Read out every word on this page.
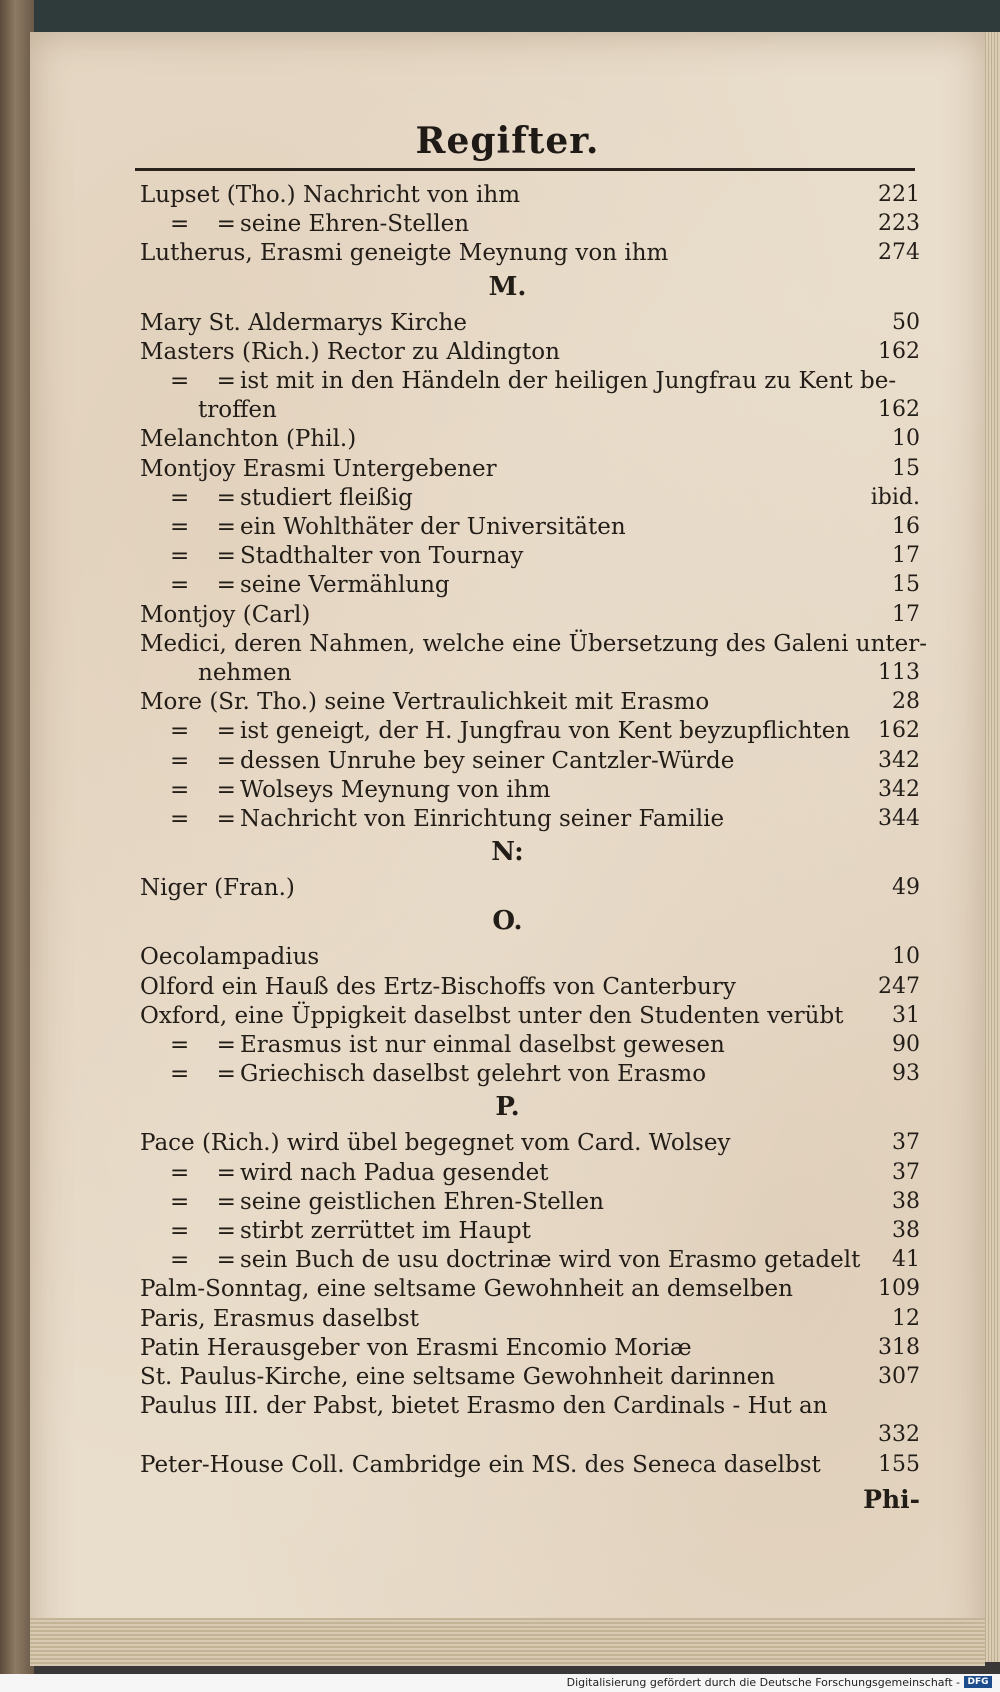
Regifter.
Lupset (Tho.) Nachricht von ihm	221
= =seine Ehren-Stellen	223
Lutherus, Erasmi geneigte Meynung von ihm	274
M.
Mary St. Aldermarys Kirche	50
Masters (Rich.) Rector zu Aldington	162
= =ist mit in den Händeln der heiligen Jungfrau zu Kent be-
troffen	162
Melanchton (Phil.)	10
Montjoy Erasmi Untergebener	15
= =studiert fleißig	ibid.
= =ein Wohlthäter der Universitäten	16
= =Stadthalter von Tournay	17
= =seine Vermählung	15
Montjoy (Carl)	17
Medici, deren Nahmen, welche eine Übersetzung des Galeni unter-
nehmen	113
More (Sr. Tho.) seine Vertraulichkeit mit Erasmo	28
= =ist geneigt, der H. Jungfrau von Kent beyzupflichten 162
= =dessen Unruhe bey seiner Cantzler-Würde	342
= =Wolseys Meynung von ihm	342
= =Nachricht von Einrichtung seiner Familie	344
N:
Niger (Fran.)	49
O.
Oecolampadius	10
Olford ein Hauß des Ertz-Bischoffs von Canterbury	247
Oxford, eine Üppigkeit daselbst unter den Studenten verübt 31
= =Erasmus ist nur einmal daselbst gewesen	90
= =Griechisch daselbst gelehrt von Erasmo	93
P.
Pace (Rich.) wird übel begegnet vom Card. Wolsey	37
= =wird nach Padua gesendet	37
= =seine geistlichen Ehren-Stellen	38
= =stirbt zerrüttet im Haupt	38
= =sein Buch de usu doctrinæ wird von Erasmo getadelt 41
Palm-Sonntag, eine seltsame Gewohnheit an demselben	109
Paris, Erasmus daselbst	12
Patin Herausgeber von Erasmi Encomio Moriæ	318
St. Paulus-Kirche, eine seltsame Gewohnheit darinnen	307
Paulus III. der Pabst, bietet Erasmo den Cardinals - Hut an
332
Peter-House Coll. Cambridge ein MS. des Seneca daselbst	155
Phi-
Digitalisierung gefördert durch die Deutsche Forschungsgemeinschaft - DFG
